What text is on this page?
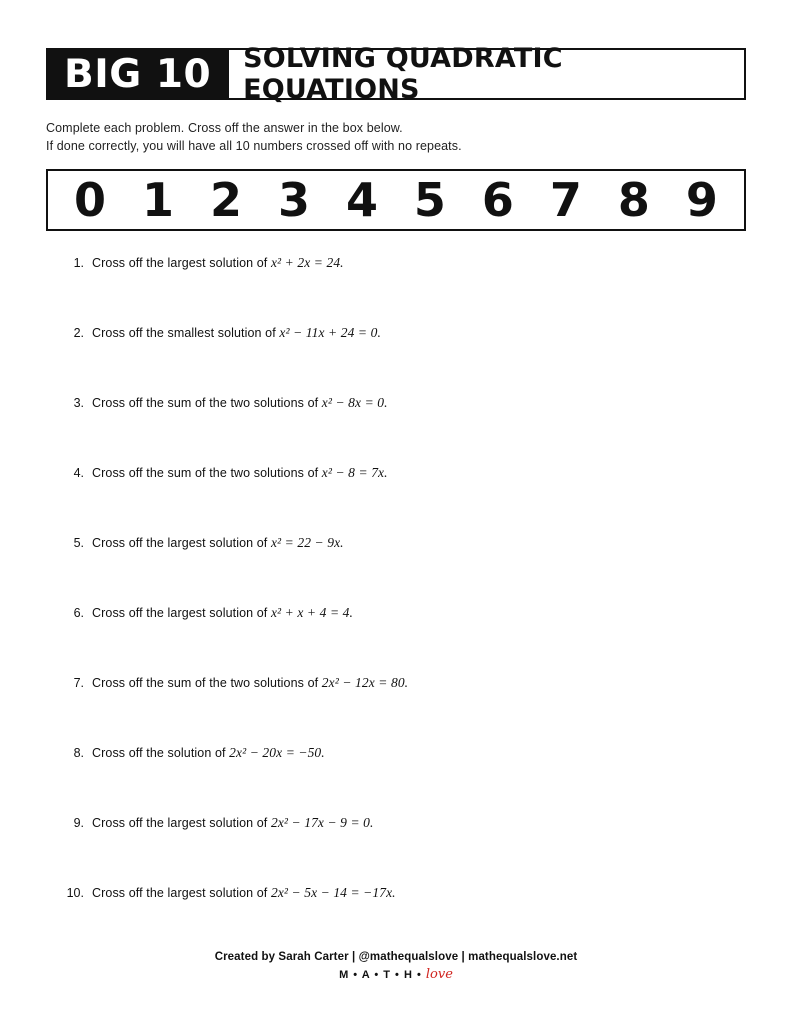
BIG 10	SOLVING QUADRATIC EQUATIONS
Complete each problem. Cross off the answer in the box below.
If done correctly, you will have all 10 numbers crossed off with no repeats.
0 1 2 3 4 5 6 7 8 9
1. Cross off the largest solution of x² + 2x = 24.
2. Cross off the smallest solution of x² − 11x + 24 = 0.
3. Cross off the sum of the two solutions of x² − 8x = 0.
4. Cross off the sum of the two solutions of x² − 8 = 7x.
5. Cross off the largest solution of x² = 22 − 9x.
6. Cross off the largest solution of x² + x + 4 = 4.
7. Cross off the sum of the two solutions of 2x² − 12x = 80.
8. Cross off the solution of 2x² − 20x = −50.
9. Cross off the largest solution of 2x² − 17x − 9 = 0.
10. Cross off the largest solution of 2x² − 5x − 14 = −17x.
Created by Sarah Carter | @mathequalslove | mathequalslove.net
M • A • T • H • love
